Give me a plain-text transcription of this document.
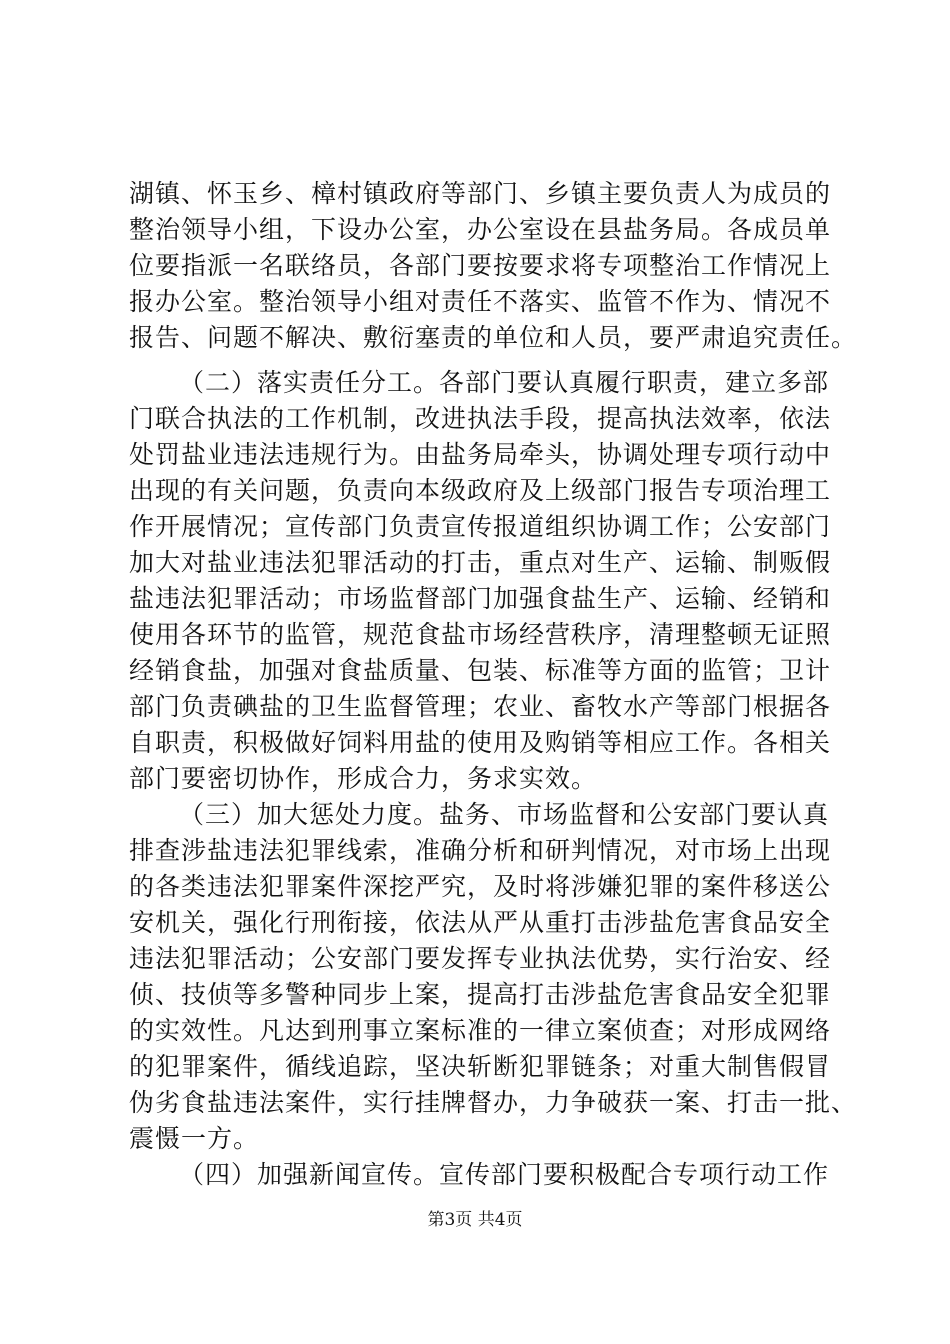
湖镇、怀玉乡、樟村镇政府等部门、乡镇主要负责人为成员的
整治领导小组，下设办公室，办公室设在县盐务局。各成员单
位要指派一名联络员，各部门要按要求将专项整治工作情况上
报办公室。整治领导小组对责任不落实、监管不作为、情况不
报告、问题不解决、敷衍塞责的单位和人员，要严肃追究责任。
（二）落实责任分工。各部门要认真履行职责，建立多部
门联合执法的工作机制，改进执法手段，提高执法效率，依法
处罚盐业违法违规行为。由盐务局牵头，协调处理专项行动中
出现的有关问题，负责向本级政府及上级部门报告专项治理工
作开展情况；宣传部门负责宣传报道组织协调工作；公安部门
加大对盐业违法犯罪活动的打击，重点对生产、运输、制贩假
盐违法犯罪活动；市场监督部门加强食盐生产、运输、经销和
使用各环节的监管，规范食盐市场经营秩序，清理整顿无证照
经销食盐，加强对食盐质量、包装、标准等方面的监管；卫计
部门负责碘盐的卫生监督管理；农业、畜牧水产等部门根据各
自职责，积极做好饲料用盐的使用及购销等相应工作。各相关
部门要密切协作，形成合力，务求实效。
（三）加大惩处力度。盐务、市场监督和公安部门要认真
排查涉盐违法犯罪线索，准确分析和研判情况，对市场上出现
的各类违法犯罪案件深挖严究，及时将涉嫌犯罪的案件移送公
安机关，强化行刑衔接，依法从严从重打击涉盐危害食品安全
违法犯罪活动；公安部门要发挥专业执法优势，实行治安、经
侦、技侦等多警种同步上案，提高打击涉盐危害食品安全犯罪
的实效性。凡达到刑事立案标准的一律立案侦查；对形成网络
的犯罪案件，循线追踪，坚决斩断犯罪链条；对重大制售假冒
伪劣食盐违法案件，实行挂牌督办，力争破获一案、打击一批、
震慑一方。
（四）加强新闻宣传。宣传部门要积极配合专项行动工作
第3页 共4页
